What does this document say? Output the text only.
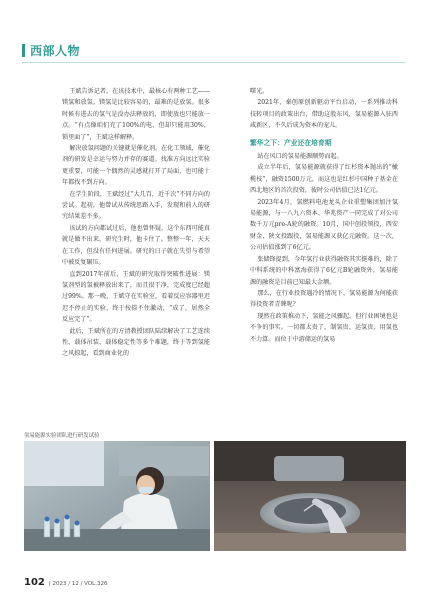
西部人物

王斌告诉记者，在该技术中，最核心有两种工艺——镁氢和放氢。镁氢是比较容易的，最难的是放氢。很多时候有进去的氢气是没办法释放的，即使放也只能放一点。“有点像咱们充了100%的电，但却只能用30%，锁里面了”，王斌这样解释。

解决放氢问题的关键就是催化剂。在化工领域，催化剂的研发是幸运与努力并存的赛道。找准方向远比实验更重要，可能一个偶然的灵感就打开了局面，也可能十年都找不到方向。

在学生阶段，王斌经过“大几百，近千次”不同方向的尝试。起初，他曾试从传统思路入手，发现和前人的研究结果差不多。

该试的方向都试过后，他也曾怀疑，这个东西可能真就是做不出来。研究生时，他卡住了。整整一年，天天在工作，但没有任何进展。研究的日子就在失望与希望中被反复碾压。

直到2017年前后，王斌的研究取得突破性进展：镁氢剂型的氢被释放出来了，而且很干净，完成度已经超过99%。那一晚，王斌守在实验室，看着反应容器里迟迟不停止的实验，终于按捺不住激动，“成了，居然全反应完了”。

此后，王斌所在的方清教授团队陆续解决了工艺连续性、载体吊装、载体稳定性等多个难题，终于等到氢能之风掠起，看到商业化的

曙光。

2021年，秦创原创新驱动平台启动，一系列推动科技转项目的政策出台，借助这股东风，氢易能源入驻西咸新区，不久后成为资本的宠儿。

繁华之下：产业还在培育期

站在风口的氢易能源顺势而起。

成立半年后，氢易能源就获得了红杉资本抛出的“橄榄枝”，融资1500万元，而这也是红杉中国种子基金在西北地区的首次投资，彼时公司估值已达1亿元。

2023年4月，氢燃料电池龙头企业重塑集团加注氢易能源，与一八九六资本、华兆资产一同完成了对公司数千万元pre-A轮的融资。10月，国中创投领投，西安财金、陕文投跟投，氢易能源又获亿元融资。这一次，公司估值涨到了6亿元。

张储锋提到，今年氢行业获得融资其实挺难的，除了中科系统的中科富海获得了6亿元B轮融资外，氢易能源的融资是目前已知最大金额。

那么，在行业投资遇冷的情况下，氢易能源为何能获得投资者青睐呢？

现然在政策推动下，氢能之风骤起。但行业困境也是不争的事实。一切都太贵了，制氢贵、运氢贵、用氢也不力算。而位于中游储运的氢易

氢易能源实验团队进行研发试验
102 | 2023 / 12 / VOL.326
